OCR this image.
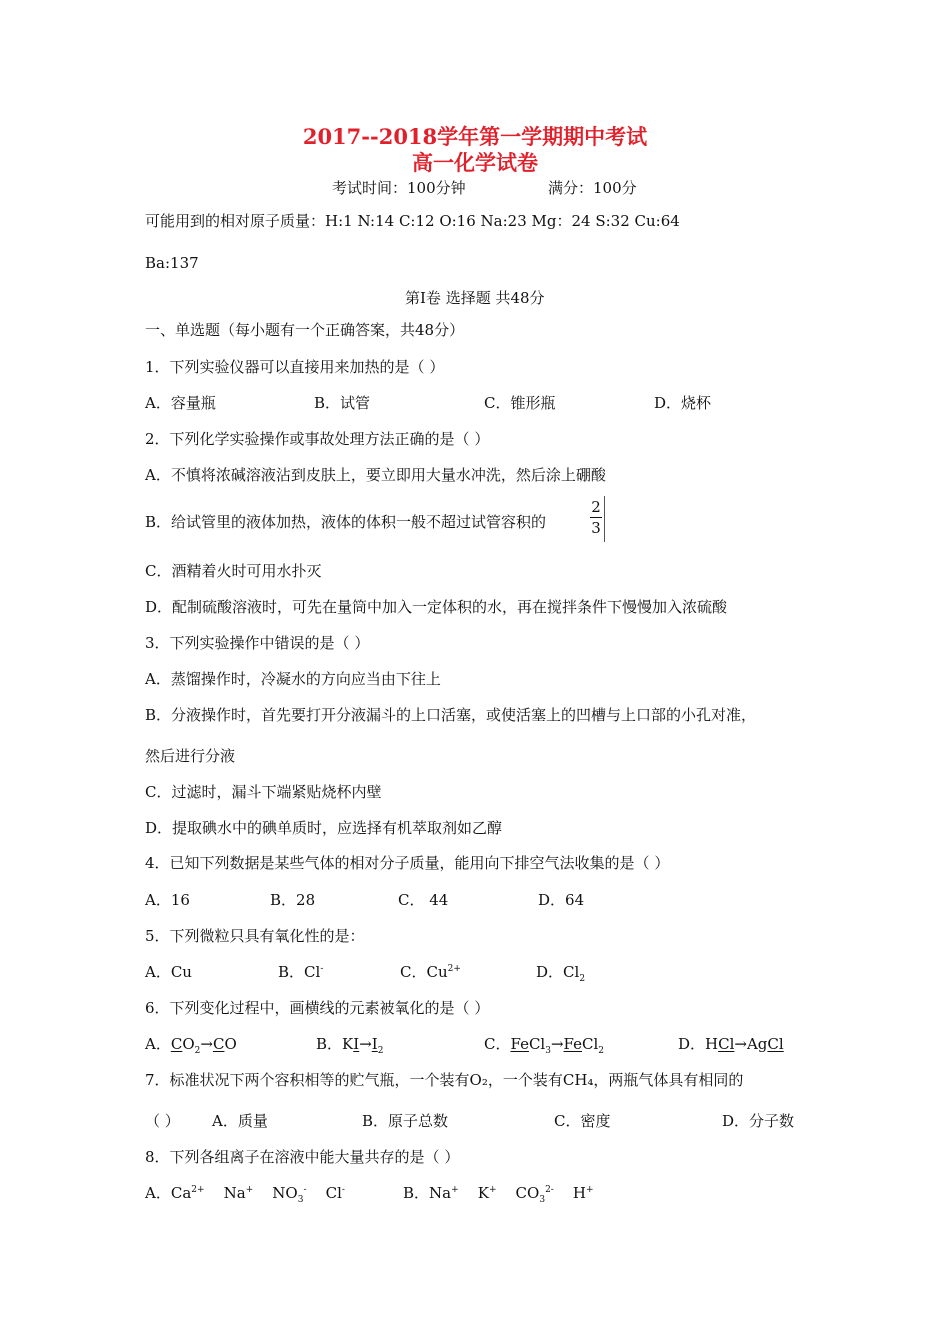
2017--2018学年第一学期期中考试
高一化学试卷
考试时间：100分钟	满分：100分
可能用到的相对原子质量：H:1 N:14 C:12 O:16 Na:23 Mg：24 S:32 Cu:64
Ba:137
第I卷 选择题 共48分
一、单选题（每小题有一个正确答案，共48分）
1．下列实验仪器可以直接用来加热的是（ ）
A．容量瓶	B．试管	C．锥形瓶	D．烧杯
2．下列化学实验操作或事故处理方法正确的是（ ）
A．不慎将浓碱溶液沾到皮肤上，要立即用大量水冲洗，然后涂上硼酸
B．给试管里的液体加热，液体的体积一般不超过试管容积的	$\frac{2}{3}$
C．酒精着火时可用水扑灭
D．配制硫酸溶液时，可先在量筒中加入一定体积的水，再在搅拌条件下慢慢加入浓硫酸
3．下列实验操作中错误的是（ ）
A．蒸馏操作时，冷凝水的方向应当由下往上
B．分液操作时，首先要打开分液漏斗的上口活塞，或使活塞上的凹槽与上口部的小孔对准，
然后进行分液
C．过滤时，漏斗下端紧贴烧杯内壁
D．提取碘水中的碘单质时，应选择有机萃取剂如乙醇
4．已知下列数据是某些气体的相对分子质量，能用向下排空气法收集的是（ ）
A．16	B．28	C． 44	D．64
5．下列微粒只具有氧化性的是：
A．Cu	B．Cl-	C．$Cu^{2+}$	D．$Cl_2$
6．下列变化过程中，画横线的元素被氧化的是（ ）
A．$CO_2\to CO$	B．$KI\to I_2$	C．FeCl$_3$→FeCl$_2$	D．HCl→AgCl
7．标准状况下两个容积相等的贮气瓶，一个装有O₂，一个装有CH₄，两瓶气体具有相同的
（ ） A．质量	B．原子总数	C．密度	D．分子数
8．下列各组离子在溶液中能大量共存的是（ ）
A．$Ca^{2+}$    Na+    $NO_3^-$    Cl-	B．Na+    K+    $CO_3^{2-}$    H+
